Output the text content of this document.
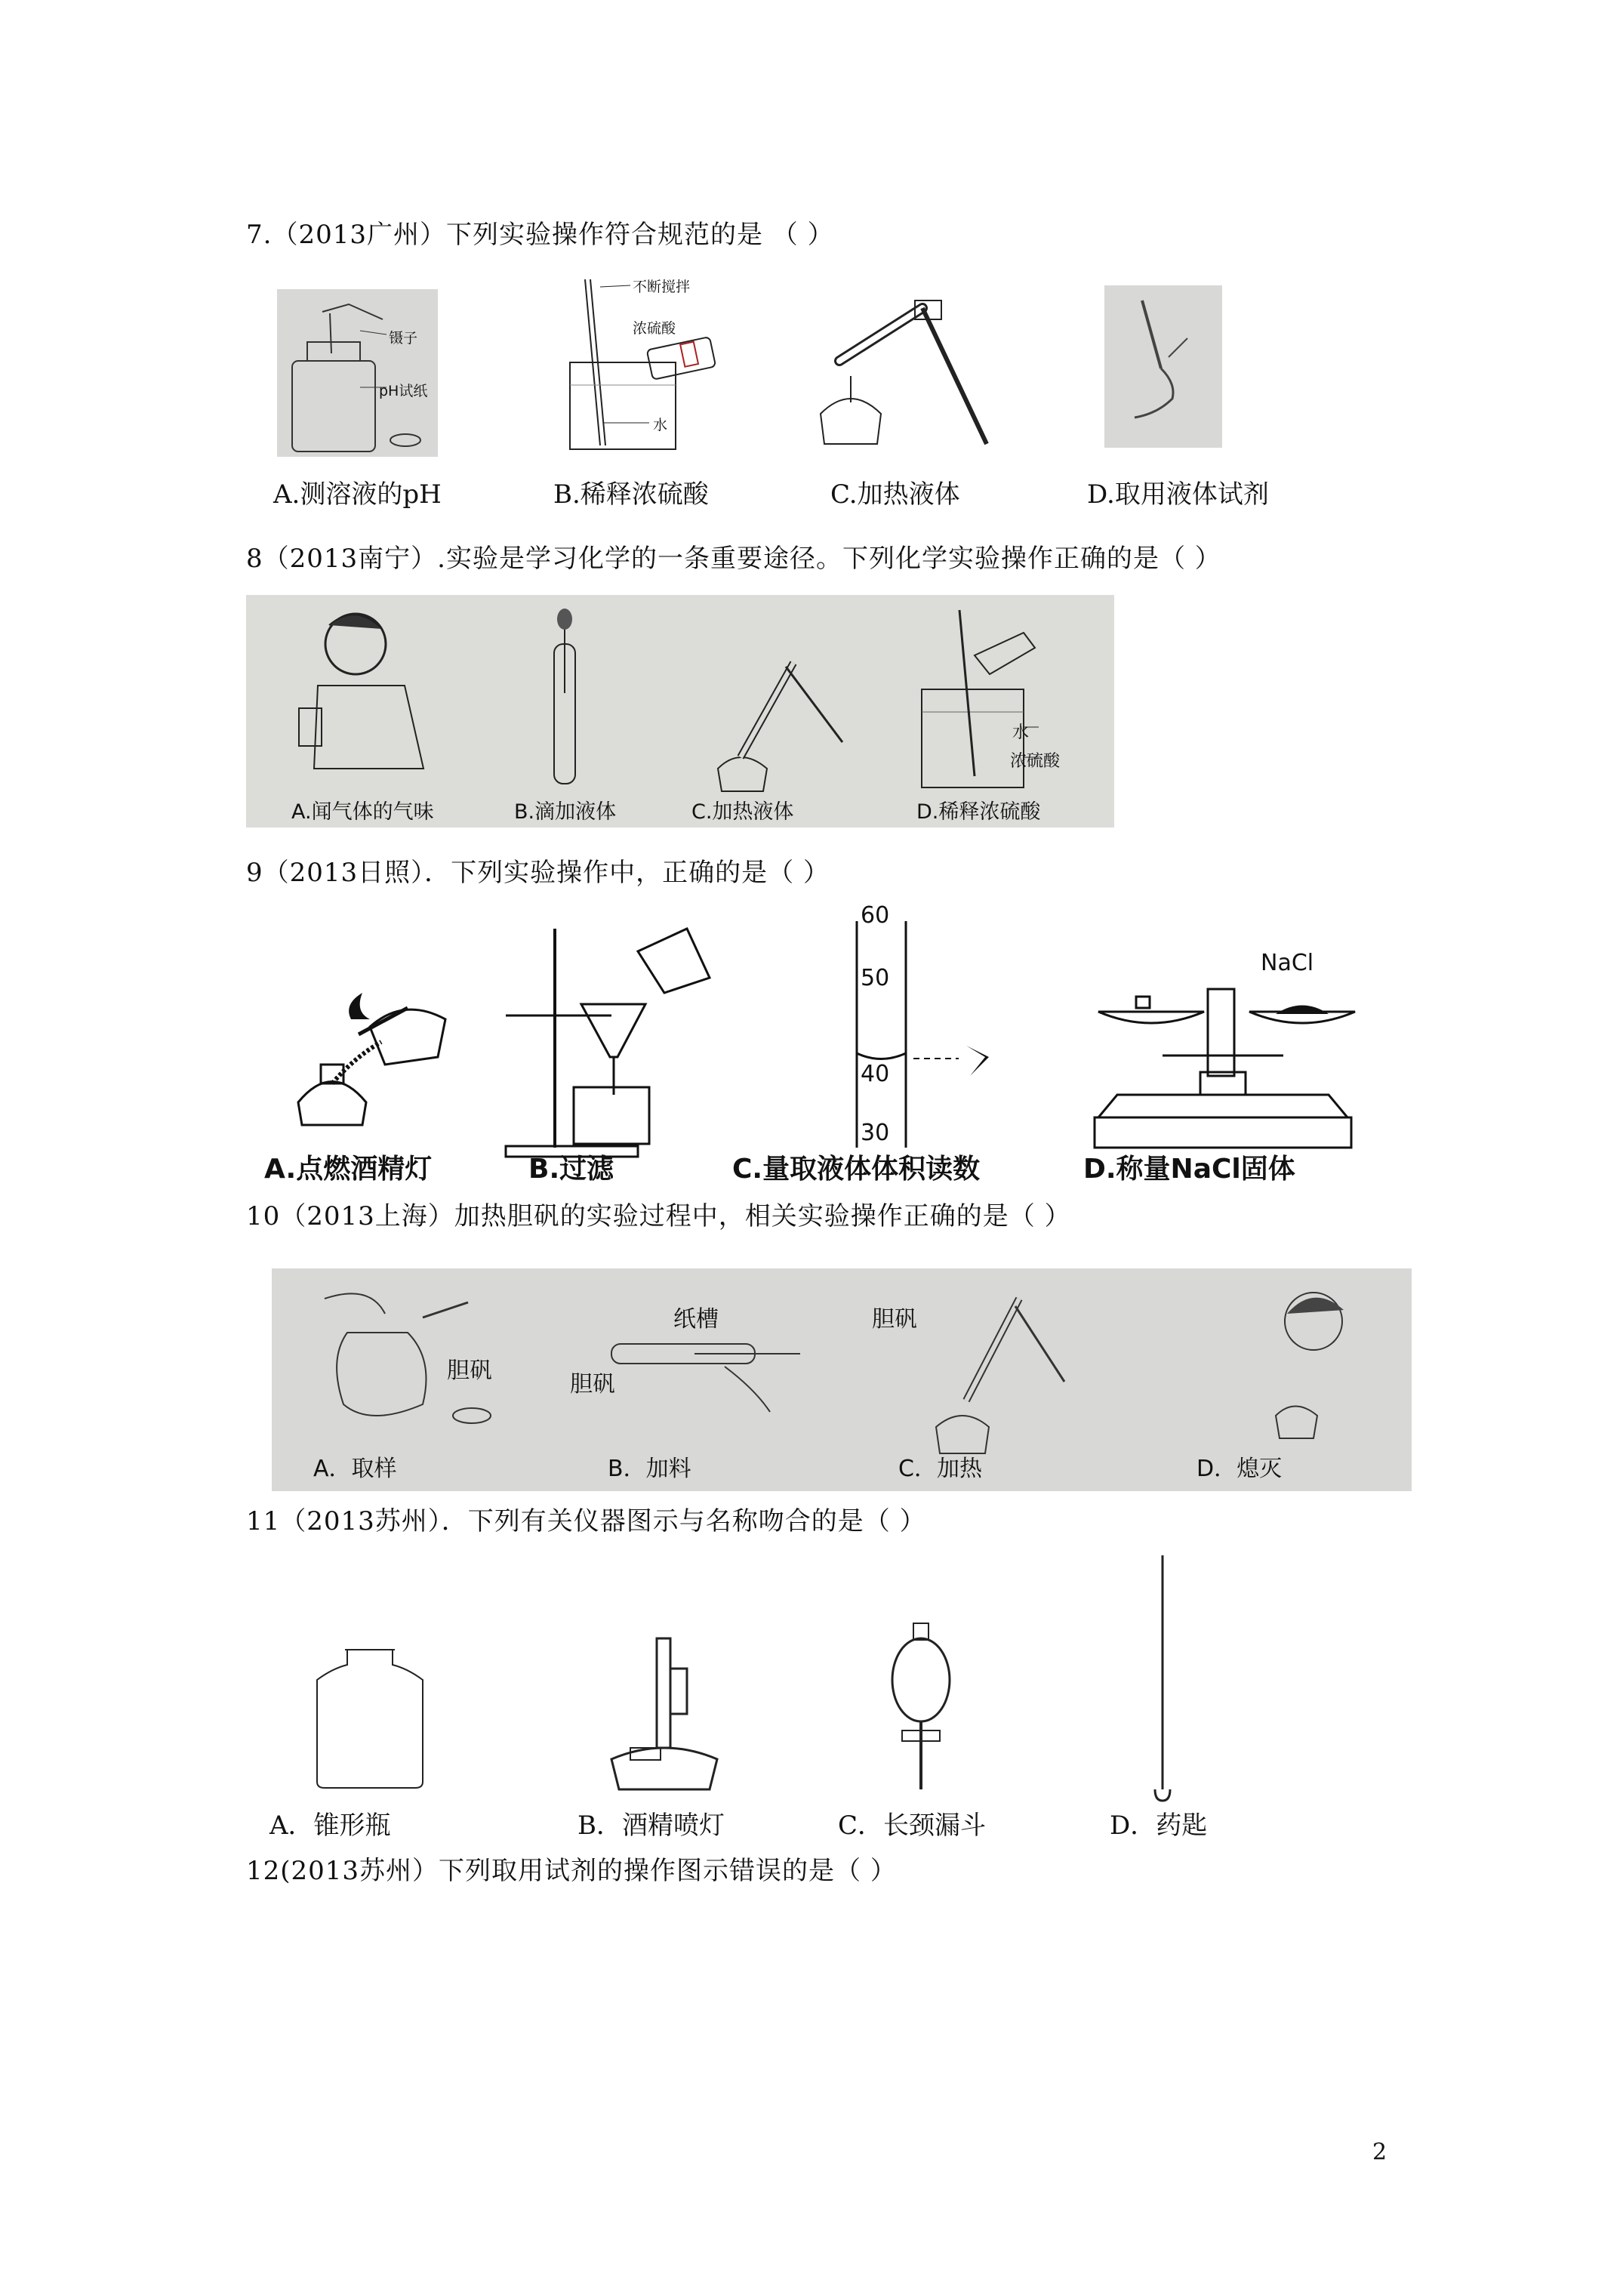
7.（2013广州）下列实验操作符合规范的是 （ ）
镊子
pH试纸
不断搅拌
浓硫酸
水
A.测溶液的pH	B.稀释浓硫酸	C.加热液体	D.取用液体试剂
8（2013南宁）.实验是学习化学的一条重要途径。下列化学实验操作正确的是（ ）
水
浓硫酸
A.闻气体的气味	B.滴加液体	C.加热液体	D.稀释浓硫酸
9（2013日照）．下列实验操作中，正确的是（ ）
60
50
40
30
NaCl
A.点燃酒精灯	B.过滤	C.量取液体体积读数	D.称量NaCl固体
10（2013上海）加热胆矾的实验过程中，相关实验操作正确的是（ ）
胆矾
纸槽
胆矾
胆矾
A．取样	B．加料	C．加热	D．熄灭
11（2013苏州）．下列有关仪器图示与名称吻合的是（ ）
A．锥形瓶	B．酒精喷灯	C．长颈漏斗	D．药匙
12(2013苏州）下列取用试剂的操作图示错误的是（ ）
2
